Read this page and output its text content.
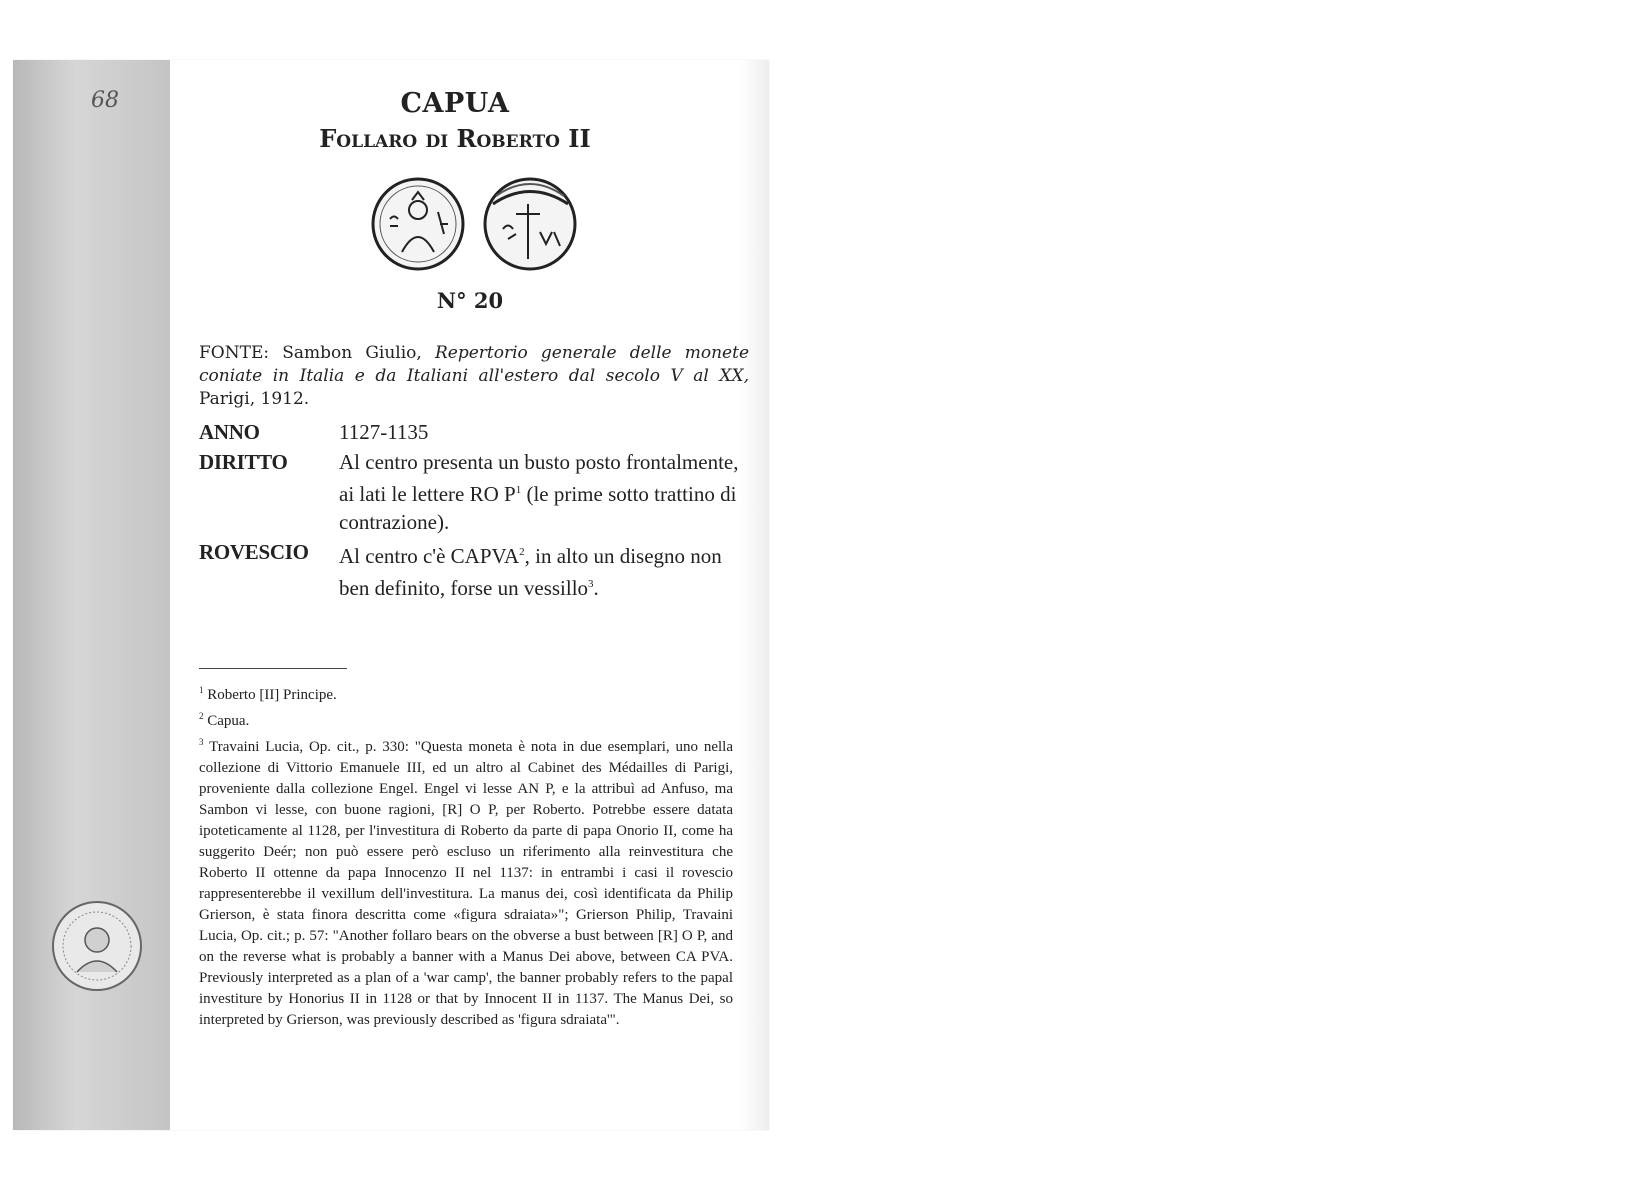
68	CAPUA
Follaro di Roberto II
N° 20
FONTE: Sambon Giulio, Repertorio generale delle monete coniate in Italia e da Italiani all'estero dal secolo V al XX, Parigi, 1912.
ANNO	1127-1135
DIRITTO	Al centro presenta un busto posto frontalmente, ai lati le lettere RO $P^1$ (le prime sotto trattino di contrazione).
ROVESCIO	Al centro c'è CAPVA$^2$, in alto un disegno non ben definito, forse un vessillo$^3$.

$^1$ Roberto [II] Principe.

$^2$ Capua.

$^3$ Travaini Lucia, Op. cit., p. 330: "Questa moneta è nota in due esemplari, uno nella collezione di Vittorio Emanuele III, ed un altro al Cabinet des Médailles di Parigi, proveniente dalla collezione Engel. Engel vi lesse AN P, e la attribuì ad Anfuso, ma Sambon vi lesse, con buone ragioni, [R] O P, per Roberto. Potrebbe essere datata ipoteticamente al 1128, per l'investitura di Roberto da parte di papa Onorio II, come ha suggerito Deér; non può essere però escluso un riferimento alla reinvestitura che Roberto II ottenne da papa Innocenzo II nel 1137: in entrambi i casi il rovescio rappresenterebbe il vexillum dell'investitura. La manus dei, così identificata da Philip Grierson, è stata finora descritta come «figura sdraiata»"; Grierson Philip, Travaini Lucia, Op. cit.; p. 57: "Another follaro bears on the obverse a bust between [R] O P, and on the reverse what is probably a banner with a Manus Dei above, between CA PVA. Previously interpreted as a plan of a 'war camp', the banner probably refers to the papal investiture by Honorius II in 1128 or that by Innocent II in 1137. The Manus Dei, so interpreted by Grierson, was previously described as 'figura sdraiata'".
